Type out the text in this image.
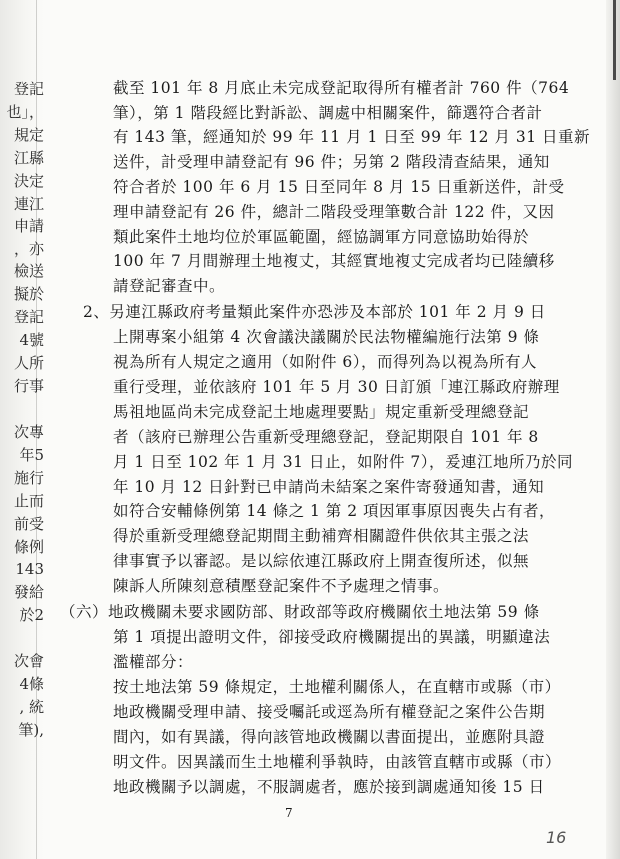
登記
也」，
規定
江縣
決定
連江
申請
，亦
檢送
擬於
登記
4號
人所
行事
次專
年5
施行
止而
前受
條例
143
發給
於2
次會
4條
, 統
筆),
截至 101 年 8 月底止未完成登記取得所有權者計 760 件（764
筆），第 1 階段經比對訴訟、調處中相關案件，篩選符合者計
有 143 筆，經通知於 99 年 11 月 1 日至 99 年 12 月 31 日重新
送件，計受理申請登記有 96 件；另第 2 階段清查結果，通知
符合者於 100 年 6 月 15 日至同年 8 月 15 日重新送件，計受
理申請登記有 26 件，總計二階段受理筆數合計 122 件，又因
類此案件土地均位於軍區範圍，經協調軍方同意協助始得於
100 年 7 月間辦理土地複丈，其經實地複丈完成者均已陸續移
請登記審查中。
2、另連江縣政府考量類此案件亦恐涉及本部於 101 年 2 月 9 日
上開專案小組第 4 次會議決議關於民法物權編施行法第 9 條
視為所有人規定之適用（如附件 6），而得列為以視為所有人
重行受理，並依該府 101 年 5 月 30 日訂頒「連江縣政府辦理
馬祖地區尚未完成登記土地處理要點」規定重新受理總登記
者（該府已辦理公告重新受理總登記，登記期限自 101 年 8
月 1 日至 102 年 1 月 31 日止，如附件 7），爰連江地所乃於同
年 10 月 12 日針對已申請尚未結案之案件寄發通知書，通知
如符合安輔條例第 14 條之 1 第 2 項因軍事原因喪失占有者，
得於重新受理總登記期間主動補齊相關證件供依其主張之法
律事實予以審認。是以綜依連江縣政府上開查復所述，似無
陳訴人所陳刻意積壓登記案件不予處理之情事。
（六）地政機關未要求國防部、財政部等政府機關依土地法第 59 條
第 1 項提出證明文件，卻接受政府機關提出的異議，明顯違法
濫權部分：
按土地法第 59 條規定，土地權利關係人，在直轄市或縣（市）
地政機關受理申請、接受囑託或逕為所有權登記之案件公告期
間內，如有異議，得向該管地政機關以書面提出，並應附具證
明文件。因異議而生土地權利爭執時，由該管直轄市或縣（市）
地政機關予以調處，不服調處者，應於接到調處通知後 15 日
7
16
